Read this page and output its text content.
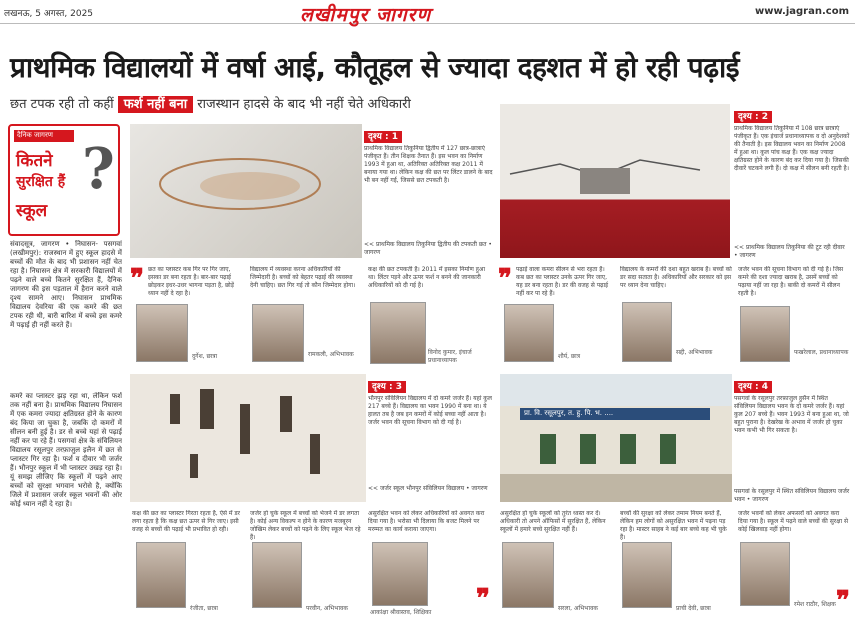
लखनऊ, 5 अगस्त, 2025	लखीमपुर जागरण	www.jagran.com
प्राथमिक विद्यालयों में वर्षा आई, कौतूहल से ज्यादा दहशत में हो रही पढ़ाई
छत टपक रही तो कहीं फर्श नहीं बना राजस्थान हादसे के बाद भी नहीं चेते अधिकारी
दैनिक जागरण
कितने
सुरक्षित हैं
स्कूल
?
संवादसूत्र, जागरण • निघासन- पसगवां (लखीमपुर): राजस्थान में हुए स्कूल हादसे में बच्चों की मौत के बाद भी प्रशासन नहीं चेत रहा है। निघासन क्षेत्र में सरकारी विद्यालयों में पढ़ने वाले बच्चे कितने सुरक्षित हैं, दैनिक जागरण की इस पड़ताल में हैरान करने वाले दृश्य सामने आए। निघासन प्राथमिक विद्यालय देवरिया की एक कमरे की छत टपक रही थी, बारी बारिश में बच्चे इस कमरे में पढ़ाई ही नहीं करते हैं।
कमरे का प्लास्टर झड़ रहा था, लेकिन फर्श तक नहीं बना है। प्राथमिक विद्यालय निघासन में एक कमरा ज्यादा क्षतिग्रस्त होने के कारण बंद किया जा चुका है, जबकि दो कमरों में सीलन बनी हुई है। डर से बच्चे यहां से पढ़ाई नहीं कर पा रहे हैं। पसगवां क्षेत्र के संविलियन विद्यालय रसूलपुर तरफ़ाजुल इलैन में छत से प्लास्टर गिर रहा है। फर्श व दीवार भी जर्जर हैं। भौनपुर स्कूल में भी प्लास्टर उखड़ रहा है। यूं समझ लीजिए कि स्कूलों में पढ़ने आए बच्चों को सुरक्षा भगवान भरोसे है, क्योंकि जिले में प्रशासन जर्जर स्कूल भवनों की ओर कोई ध्यान नहीं दे रहा है।
दृश्य : 1
प्राथमिक विद्यालय तिकुनिया द्वितीय में 127 छात्र-छात्राएं पंजीकृत हैं। तीन शिक्षक तैनात हैं। इस भवन का निर्माण 1993 में हुआ था, अतिरिक्त अतिरिक्त कक्ष 2011 में बनाया गया था। लेकिन कक्ष की छत पर लिंटर डालने के बाद भी बन नहीं गईं, जिससे छत टपकती है।
<< प्राथमिक विद्यालय तिकुनिया द्वितीय की टपकती छत • जागरण
दृश्य : 2
प्राथमिक विद्यालय तिकुनिया में 108 छात्र छात्राएं पंजीकृत हैं। एक इंचार्ज प्रधानाध्यापक व दो अनुदेशकों की तैनाती है। इस विद्यालय भवन का निर्माण 2008 में हुआ था। कुल पांच कक्ष हैं। एक कक्ष ज्यादा क्षतिग्रस्त होने के कारण बंद कर दिया गया है। जिसकी दीवारें चटकने लगी हैं। दो कक्ष में सीलन बनी रहती है।
<< प्राथमिक विद्यालय तिकुनिया की टूट रही दीवार • जागरण
❞ छत का प्लास्टर कब गिर पर गिर जाए, इसका डर बना रहता है। बार-बार पढ़ाई छोड़कर इधर-उधर भागना पड़ता है, छोड़ें ध्यान नहीं दे रहा है।
दुर्गेश, छात्रा
विद्यालय में व्यवस्था करना अधिकारियों की जिम्मेदारी है। बच्चों को बेहतर पढ़ाई की व्यवस्था देनी चाहिए। छत गिर गई तो कौन जिम्मेदार होगा।
रामकली, अभिभावक
कक्ष की छत टपकती है। 2011 में इसका निर्माण हुआ था। लिंटर पड़ने और ऊपर फर्श न बनने की जानकारी अधिकारियों को दी गई है।
विनोद कुमार, इंचार्ज प्रधानाध्यापक
❞ पढ़ाई वाला कमरा सीलन से भरा रहता है। कब छत का प्लास्टर उनके ऊपर गिर जाए, यह डर बना रहता है। डर की वजह से पढ़ाई नहीं कर पा रहे हैं।
शौर्य, छात्र
विद्यालय के कमरों की दशा बहुत खराब है। बच्चों को डर सदा सताता है। अधिकारियों और सरकार को इस पर ध्यान देना चाहिए।
सद्दी, अभिभावक
जर्जर भवन की सूचना विभाग को दी गई है। जिस कमरे की दशा ज्यादा खराब है, उसमें बच्चों को पढ़ाया नहीं जा रहा है। बाकी दो कमरों में सीलन रहती है।
फखरेलाल, प्रधानाध्यापक
दृश्य : 3
भौनपुर संविलियन विद्यालय में दो कमरे जर्जर हैं। यहां कुल 217 बच्चे हैं। विद्यालय का भवन 1990 में बना था। ये हालत तब है जब इन कमरों में कोई बच्चा नहीं आता है। जर्जर भवन की सूचना विभाग को दी गई है।
<< जर्जर स्कूल भौनपुर संविलियन विद्यालय • जागरण
प्रा. वि. रसूलपुर, त. हु. पि. भ. ....
दृश्य : 4
पसगवां के रसूलपुर तरफ़ाजुल हुसैन में स्थित संविलियन विद्यालय भवन के दो कमरे जर्जर हैं। यहां कुल 207 बच्चे हैं। भवन 1993 में बना हुआ था, जो बहुत पुराना है। देखरेख के अभाव में जर्जर हो चुका भवन कभी भी गिर सकता है।
पसगवां के रसूलपुर में स्थित संविलियन विद्यालय जर्जर भवन • जागरण
कक्ष की छत का प्लास्टर गिरता रहता है, ऐसे में डर लगा रहता है कि कक्ष छत ऊपर से गिर जाए। इसी वजह से बच्चों की पढ़ाई भी प्रभावित हो रही।
रंजीता, छात्रा
जर्जर हो चुके स्कूल में बच्चों को भेजने में डर लगता है। कोई अन्य विकल्प न होने के कारण मजबूरन जोखिम लेकर बच्चों को पढ़ने के लिए स्कूल भेज रहे हैं।
परवीन, अभिभावक
असुरक्षित भवन को लेकर अधिकारियों को अवगत करा दिया गया है। भरोसा भी दिलाया कि बजट मिलने पर मरम्मत का कार्य कराया जाएगा।
आकांक्षा श्रीवास्तव, शिक्षिका	❞
असुरक्षित हो चुके स्कूलों को तुरंत ध्वस्त कर दें। अधिकारी तो अपने ऑफिसों में सुरक्षित हैं, लेकिन स्कूलों में हमारे बच्चे सुरक्षित नहीं हैं।
सरला, अभिभावक
बच्चों की सुरक्षा को लेकर तमाम नियम बनते हैं, लेकिन हम लोगों को असुरक्षित भवन में पढ़ना पड़ रहा है। मास्टर साहब ने कई बार बच्चे कह भी चुके हैं।
प्राची देवी, छात्रा
जर्जर भवनों को लेकर अफसरों को अवगत करा दिया गया है। स्कूल में पढ़ने वाले बच्चों की सुरक्षा से कोई खिलवाड़ नहीं होगा।
रमेश राठौर, शिक्षक ❞
